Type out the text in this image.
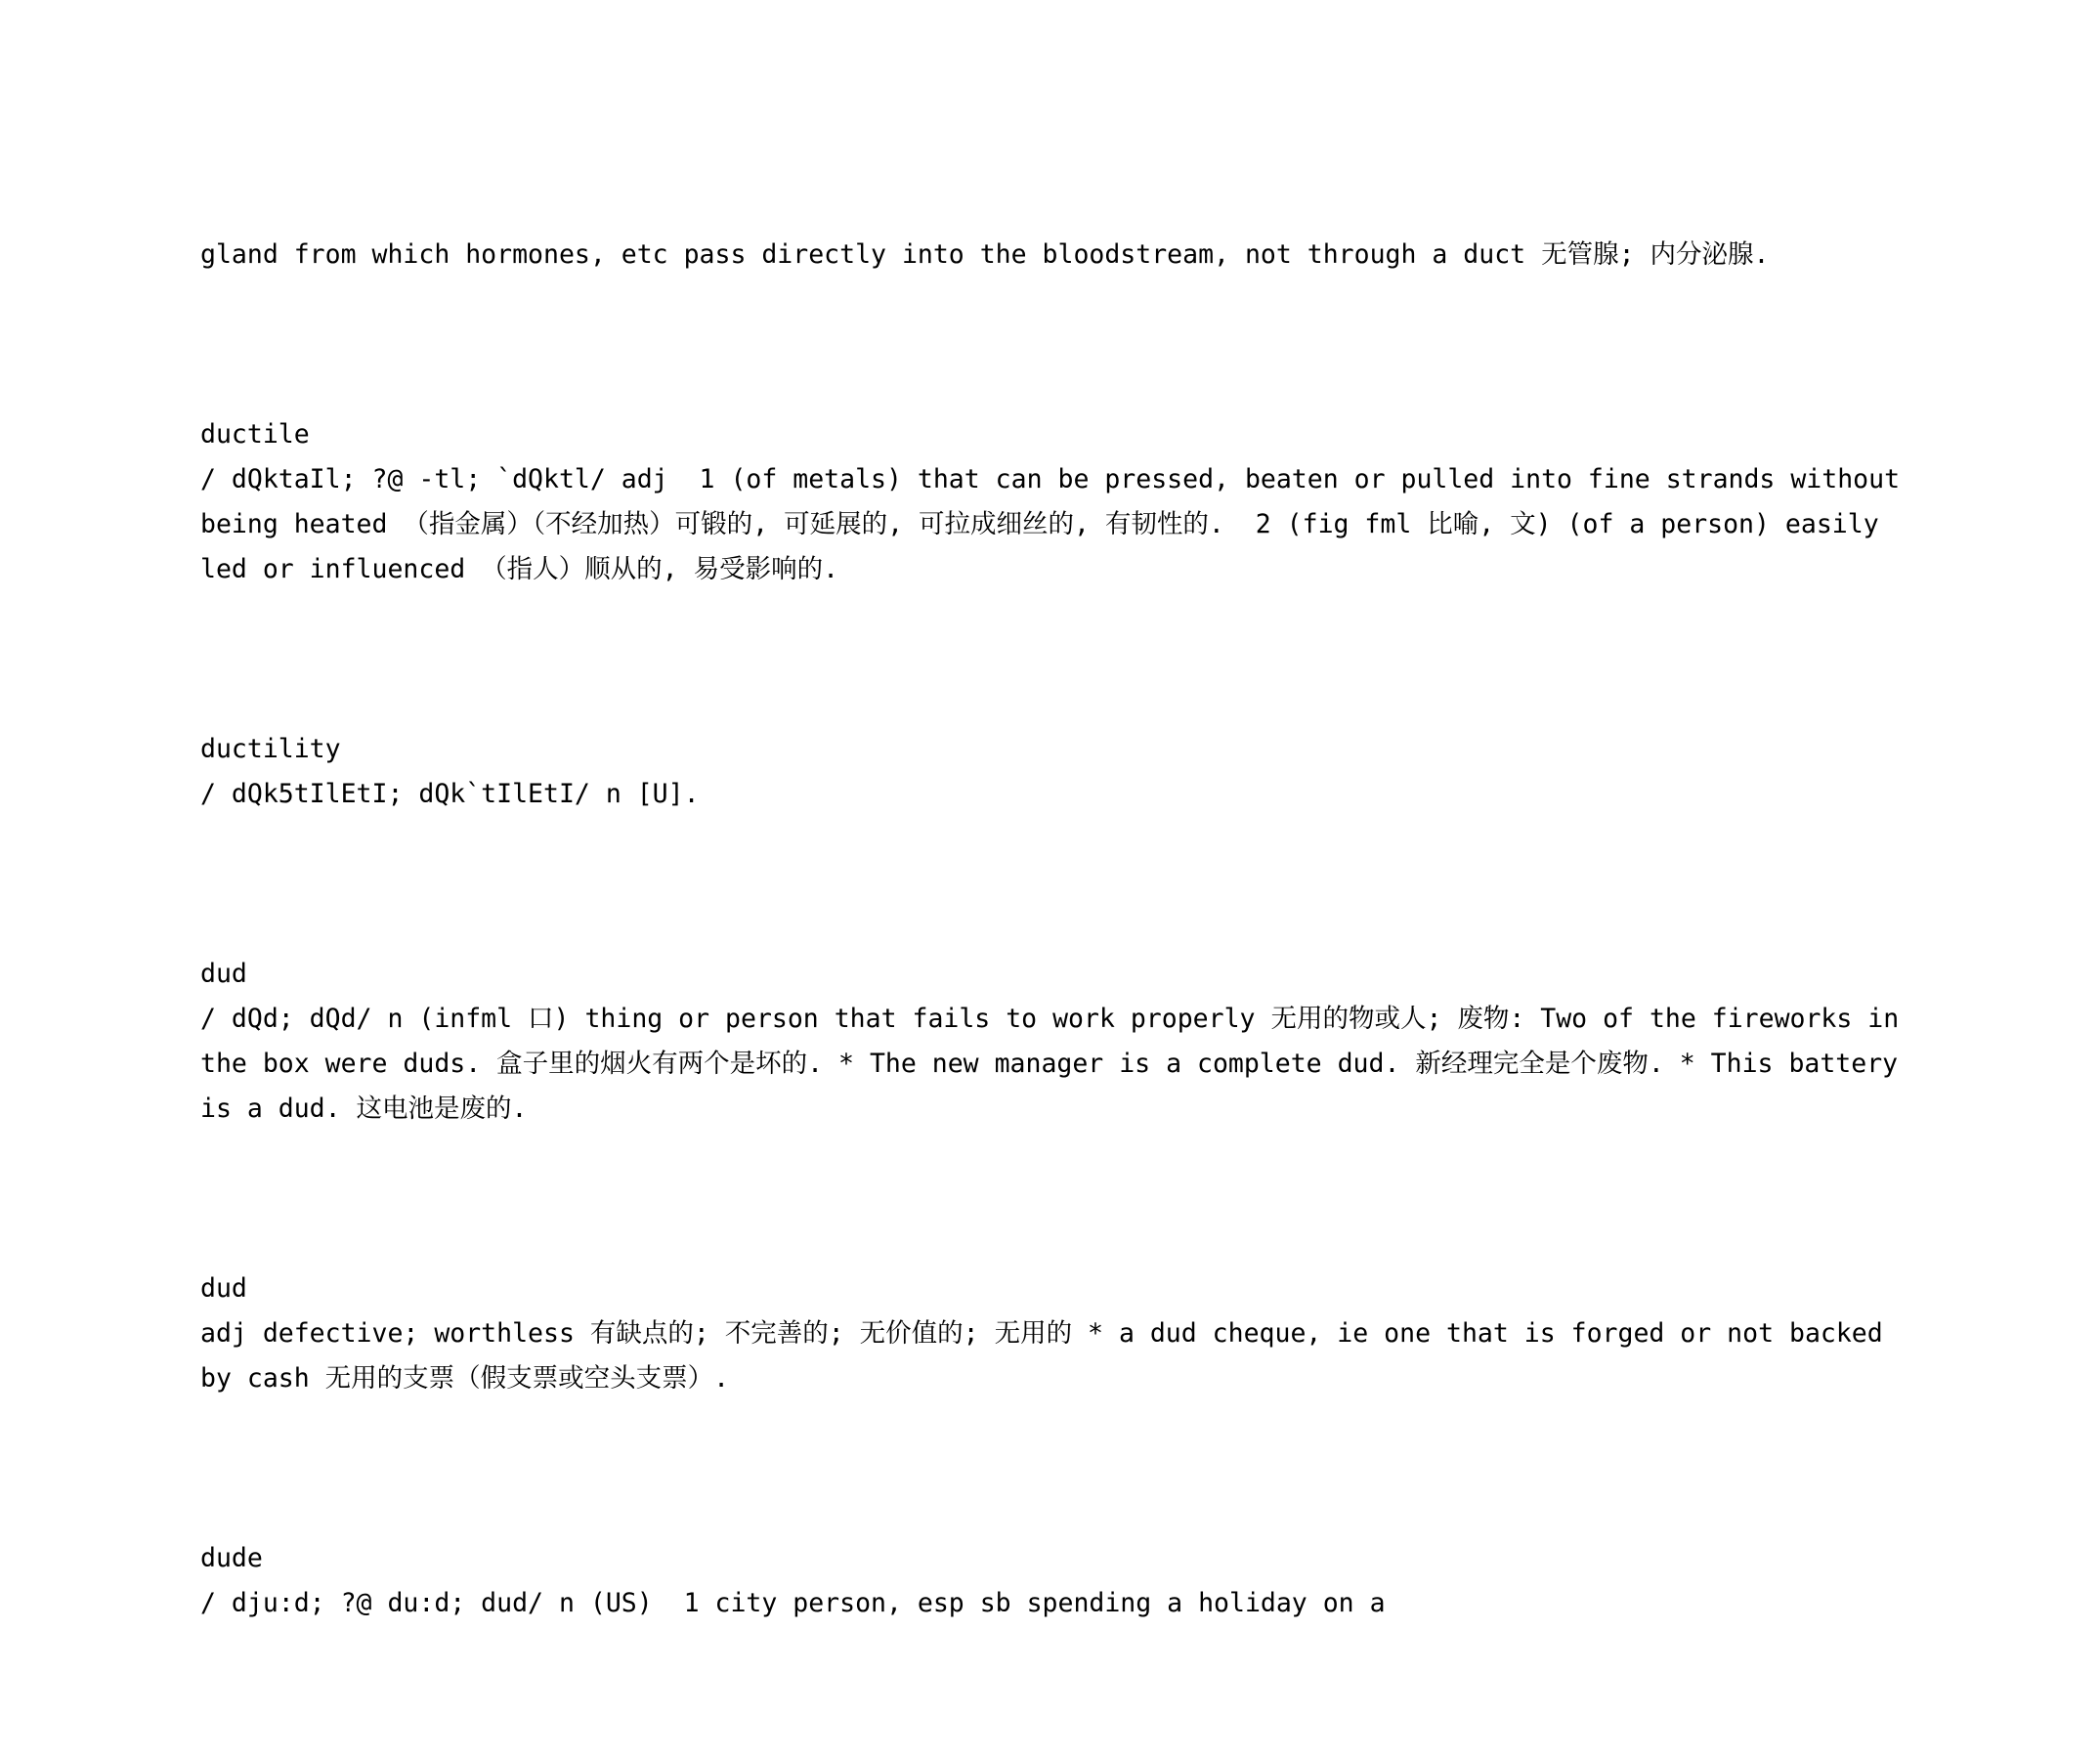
gland from which hormones, etc pass directly into the bloodstream, not through a duct 无管腺; 内分泌腺.

ductile
/ dQktaIl; ?@ -tl; `dQktl/ adj  1 (of metals) that can be pressed, beaten or pulled into fine strands without being heated （指金属）（不经加热）可锻的, 可延展的, 可拉成细丝的, 有韧性的.  2 (fig fml 比喻, 文) (of a person) easily led or influenced （指人）顺从的, 易受影响的.

ductility
/ dQk5tIlEtI; dQk`tIlEtI/ n [U].

dud
/ dQd; dQd/ n (infml 口) thing or person that fails to work properly 无用的物或人; 废物: Two of the fireworks in the box were duds. 盒子里的烟火有两个是坏的. * The new manager is a complete dud. 新经理完全是个废物. * This battery is a dud. 这电池是废的.

dud
adj defective; worthless 有缺点的; 不完善的; 无价值的; 无用的 * a dud cheque, ie one that is forged or not backed by cash 无用的支票（假支票或空头支票）.

dude
/ dju:d; ?@ du:d; dud/ n (US)  1 city person, esp sb spending a holiday on a
